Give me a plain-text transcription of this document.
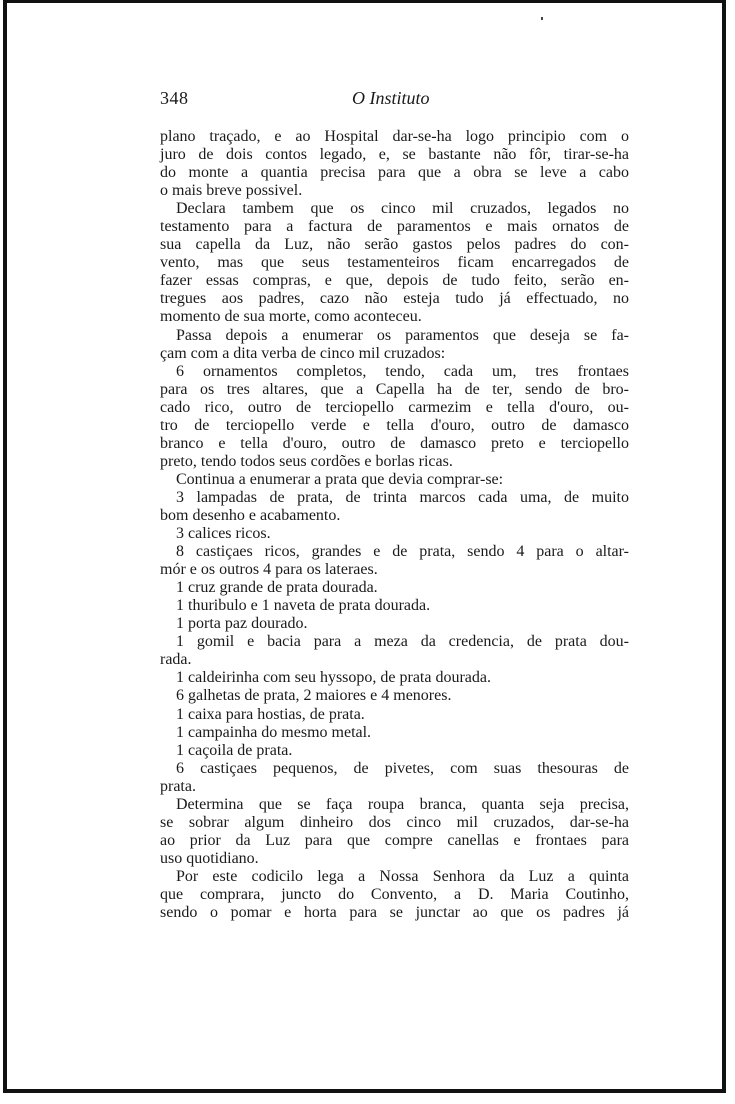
348	O Instituto
plano traçado, e ao Hospital dar-se-ha logo principio com o
juro de dois contos legado, e, se bastante não fôr, tirar-se-ha
do monte a quantia precisa para que a obra se leve a cabo
o mais breve possivel.
Declara tambem que os cinco mil cruzados, legados no
testamento para a factura de paramentos e mais ornatos de
sua capella da Luz, não serão gastos pelos padres do con-
vento, mas que seus testamenteiros ficam encarregados de
fazer essas compras, e que, depois de tudo feito, serão en-
tregues aos padres, cazo não esteja tudo já effectuado, no
momento de sua morte, como aconteceu.
Passa depois a enumerar os paramentos que deseja se fa-
çam com a dita verba de cinco mil cruzados:
6 ornamentos completos, tendo, cada um, tres frontaes
para os tres altares, que a Capella ha de ter, sendo de bro-
cado rico, outro de terciopello carmezim e tella d'ouro, ou-
tro de terciopello verde e tella d'ouro, outro de damasco
branco e tella d'ouro, outro de damasco preto e terciopello
preto, tendo todos seus cordões e borlas ricas.
Continua a enumerar a prata que devia comprar-se:
3 lampadas de prata, de trinta marcos cada uma, de muito
bom desenho e acabamento.
3 calices ricos.
8 castiçaes ricos, grandes e de prata, sendo 4 para o altar-
mór e os outros 4 para os lateraes.
1 cruz grande de prata dourada.
1 thuribulo e 1 naveta de prata dourada.
1 porta paz dourado.
1 gomil e bacia para a meza da credencia, de prata dou-
rada.
1 caldeirinha com seu hyssopo, de prata dourada.
6 galhetas de prata, 2 maiores e 4 menores.
1 caixa para hostias, de prata.
1 campainha do mesmo metal.
1 caçoila de prata.
6 castiçaes pequenos, de pivetes, com suas thesouras de
prata.
Determina que se faça roupa branca, quanta seja precisa,
se sobrar algum dinheiro dos cinco mil cruzados, dar-se-ha
ao prior da Luz para que compre canellas e frontaes para
uso quotidiano.
Por este codicilo lega a Nossa Senhora da Luz a quinta
que comprara, juncto do Convento, a D. Maria Coutinho,
sendo o pomar e horta para se junctar ao que os padres já
